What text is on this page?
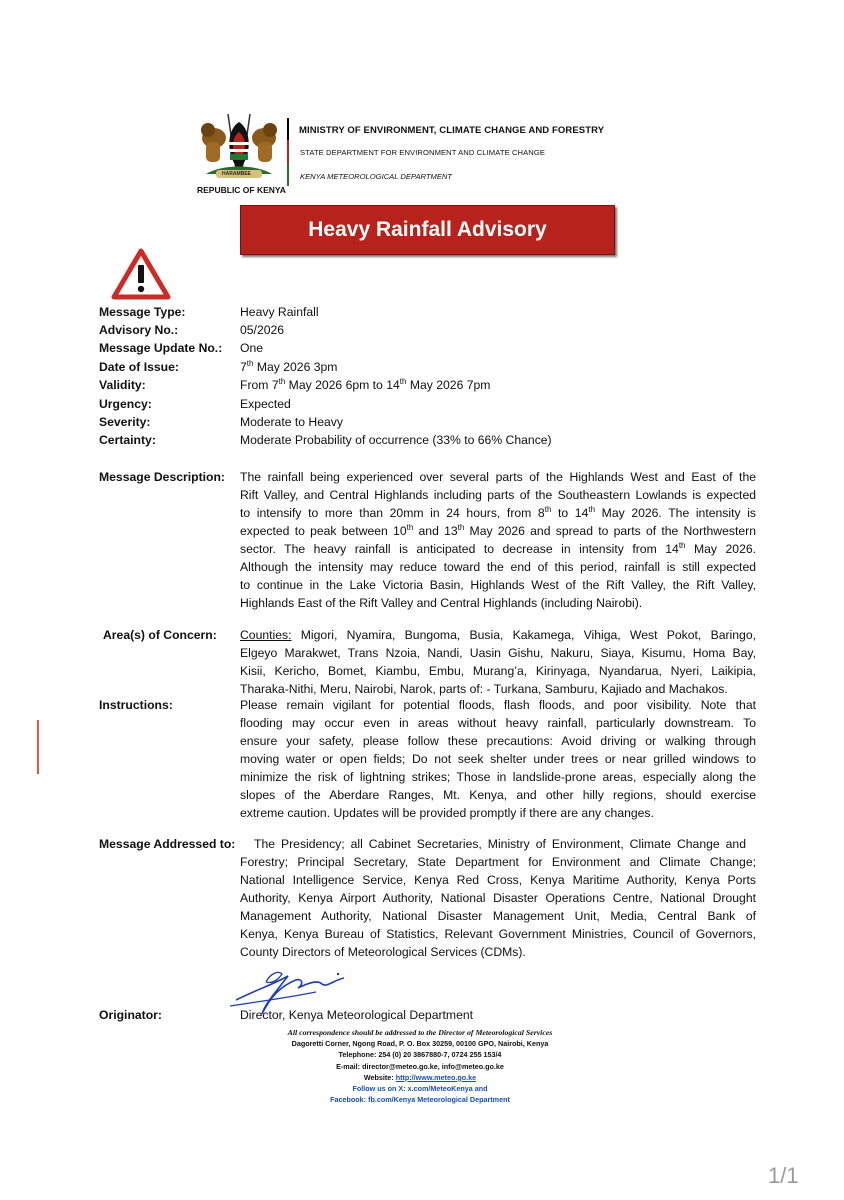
HARAMBEE
REPUBLIC OF KENYA
MINISTRY OF ENVIRONMENT, CLIMATE CHANGE AND FORESTRY
STATE DEPARTMENT FOR ENVIRONMENT AND CLIMATE CHANGE
KENYA METEOROLOGICAL DEPARTMENT
Heavy Rainfall Advisory
Message Type:	Heavy Rainfall
Advisory No.:	05/2026
Message Update No.: One
Date of Issue:	7th May 2026 3pm
Validity:	From 7th May 2026 6pm to 14th May 2026 7pm
Urgency:	Expected
Severity:	Moderate to Heavy
Certainty:	Moderate Probability of occurrence (33% to 66% Chance)
Message Description: The rainfall being experienced over several parts of the Highlands West and East of the
Rift Valley, and Central Highlands including parts of the Southeastern Lowlands is expected
to intensify to more than 20mm in 24 hours, from 8th to 14th May 2026. The intensity is
expected to peak between 10th and 13th May 2026 and spread to parts of the Northwestern
sector. The heavy rainfall is anticipated to decrease in intensity from 14th May 2026.
Although the intensity may reduce toward the end of this period, rainfall is still expected
to continue in the Lake Victoria Basin, Highlands West of the Rift Valley, the Rift Valley,
Highlands East of the Rift Valley and Central Highlands (including Nairobi).
Area(s) of Concern: Counties: Migori, Nyamira, Bungoma, Busia, Kakamega, Vihiga, West Pokot, Baringo,
Elgeyo Marakwet, Trans Nzoia, Nandi, Uasin Gishu, Nakuru, Siaya, Kisumu, Homa Bay,
Kisii, Kericho, Bomet, Kiambu, Embu, Murang’a, Kirinyaga, Nyandarua, Nyeri, Laikipia,
Tharaka-Nithi, Meru, Nairobi, Narok, parts of: - Turkana, Samburu, Kajiado and Machakos.
Instructions:	Please remain vigilant for potential floods, flash floods, and poor visibility. Note that
flooding may occur even in areas without heavy rainfall, particularly downstream. To
ensure your safety, please follow these precautions: Avoid driving or walking through
moving water or open fields; Do not seek shelter under trees or near grilled windows to
minimize the risk of lightning strikes; Those in landslide-prone areas, especially along the
slopes of the Aberdare Ranges, Mt. Kenya, and other hilly regions, should exercise
extreme caution. Updates will be provided promptly if there are any changes.
Message Addressed to: The Presidency; all Cabinet Secretaries, Ministry of Environment, Climate Change and
Forestry; Principal Secretary, State Department for Environment and Climate Change;
National Intelligence Service, Kenya Red Cross, Kenya Maritime Authority, Kenya Ports
Authority, Kenya Airport Authority, National Disaster Operations Centre, National Drought
Management Authority, National Disaster Management Unit, Media, Central Bank of
Kenya, Kenya Bureau of Statistics, Relevant Government Ministries, Council of Governors,
County Directors of Meteorological Services (CDMs).
Originator:	Director, Kenya Meteorological Department
All correspondence should be addressed to the Director of Meteorological Services
Dagoretti Corner, Ngong Road, P. O. Box 30259, 00100 GPO, Nairobi, Kenya
Telephone: 254 (0) 20 3867880-7, 0724 255 153/4
E-mail: director@meteo.go.ke, info@meteo.go.ke
Website: http://www.meteo.go.ke
Follow us on X: x.com/MeteoKenya and
Facebook: fb.com/Kenya Meteorological Department
1/1
